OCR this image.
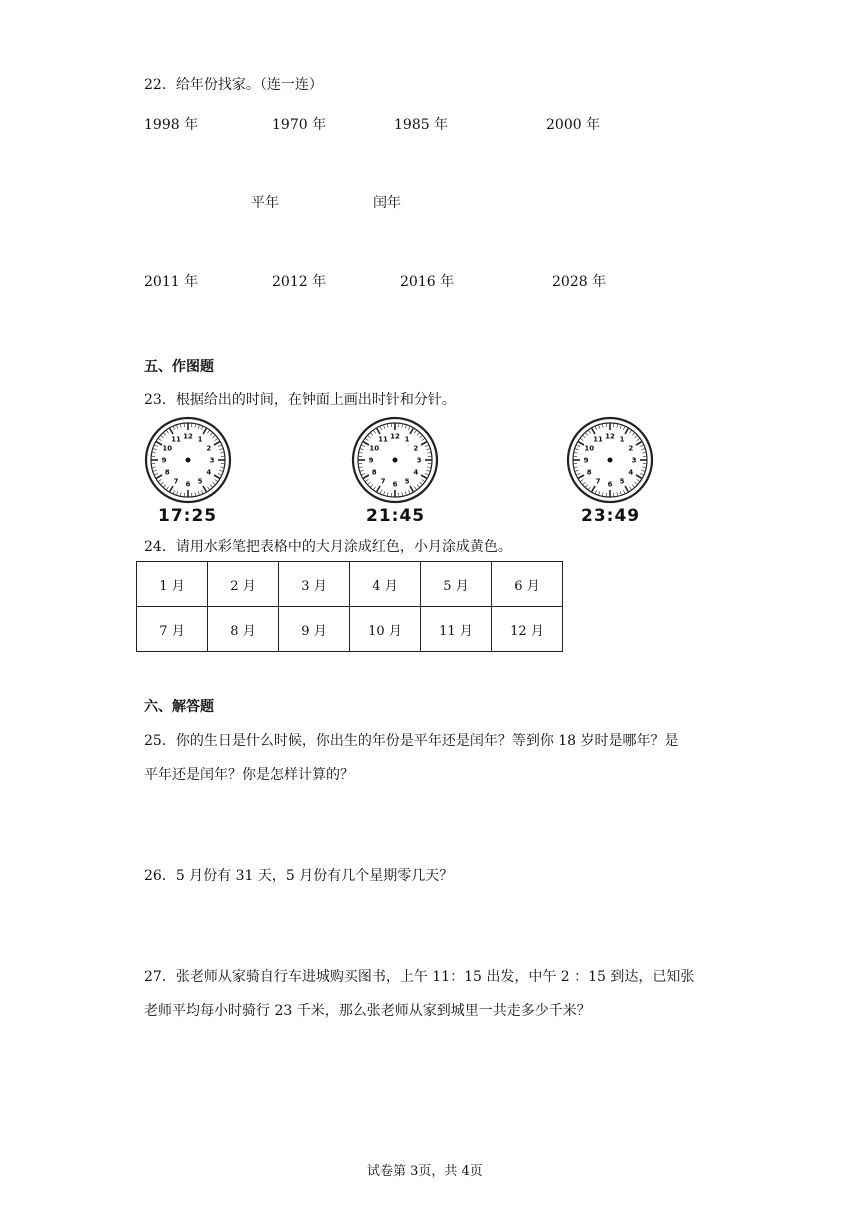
22．给年份找家。（连一连）
1998 年	1970 年	1985 年	2000 年
平年	闰年
2011 年	2012 年	2016 年	2028 年
五、作图题
23．根据给出的时间，在钟面上画出时针和分针。
12 1
2
3
4
5
6
7
8
9
10
11	12 1
2
3
4
5
6
7
8
9
10
11	12 1
2
3
4
5
6
7
8
9
10
11
17:25	21:45	23:49
24．请用水彩笔把表格中的大月涂成红色，小月涂成黄色。
1 月	2 月	3 月	4 月	5 月	6 月
7 月	8 月	9 月	10 月	11 月	12 月
六、解答题
25．你的生日是什么时候，你出生的年份是平年还是闰年？等到你 18 岁时是哪年？是
平年还是闰年？你是怎样计算的？
26．5 月份有 31 天，5 月份有几个星期零几天？
27．张老师从家骑自行车进城购买图书，上午 11：15 出发，中午 2 ：15 到达，已知张
老师平均每小时骑行 23 千米，那么张老师从家到城里一共走多少千米？
试卷第 3页，共 4页
